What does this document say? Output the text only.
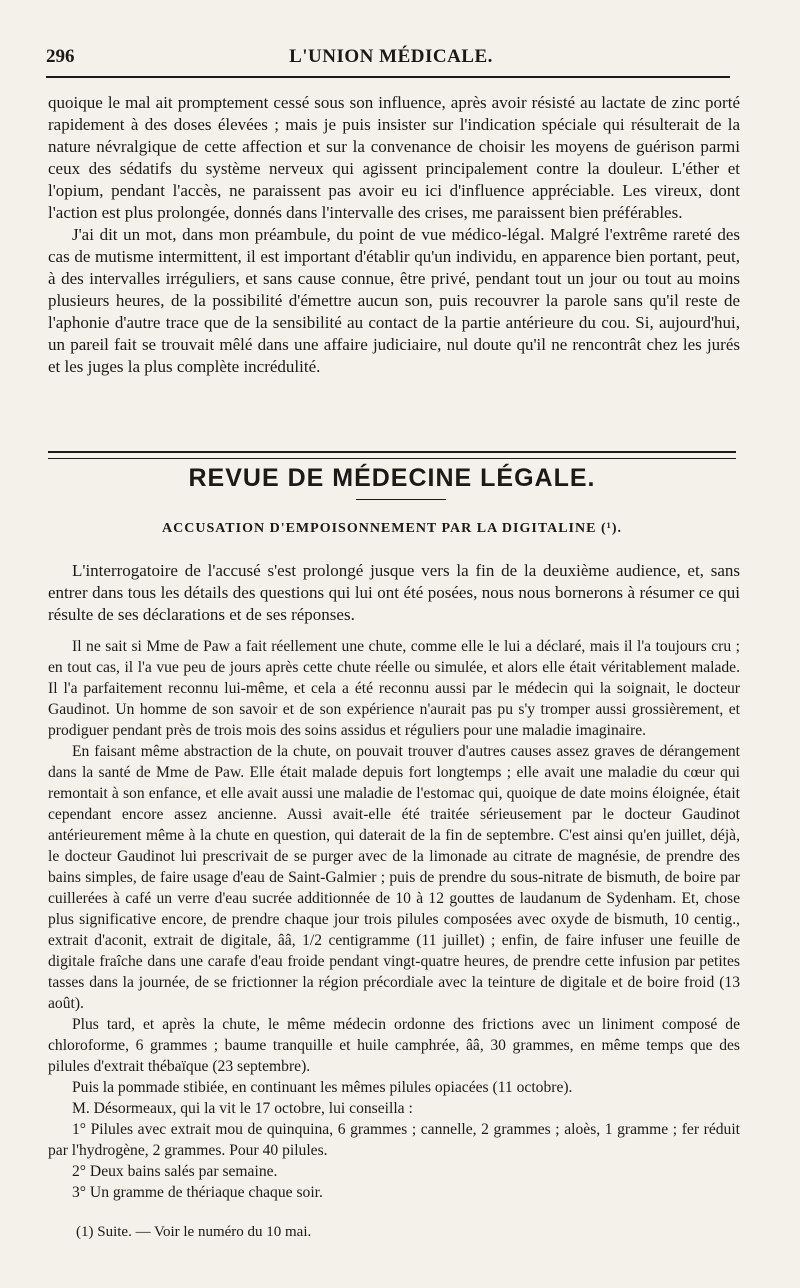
296	L'UNION MÉDICALE.

quoique le mal ait promptement cessé sous son influence, après avoir résisté au lactate de zinc porté rapidement à des doses élevées ; mais je puis insister sur l'indication spéciale qui résulterait de la nature névralgique de cette affection et sur la convenance de choisir les moyens de guérison parmi ceux des sédatifs du système nerveux qui agissent principalement contre la douleur. L'éther et l'opium, pendant l'accès, ne paraissent pas avoir eu ici d'influence appréciable. Les vireux, dont l'action est plus prolongée, donnés dans l'intervalle des crises, me paraissent bien préférables.

J'ai dit un mot, dans mon préambule, du point de vue médico-légal. Malgré l'extrême rareté des cas de mutisme intermittent, il est important d'établir qu'un individu, en apparence bien portant, peut, à des intervalles irréguliers, et sans cause connue, être privé, pendant tout un jour ou tout au moins plusieurs heures, de la possibilité d'émettre aucun son, puis recouvrer la parole sans qu'il reste de l'aphonie d'autre trace que de la sensibilité au contact de la partie antérieure du cou. Si, aujourd'hui, un pareil fait se trouvait mêlé dans une affaire judiciaire, nul doute qu'il ne rencontrât chez les jurés et les juges la plus complète incrédulité.

REVUE DE MÉDECINE LÉGALE.
ACCUSATION D'EMPOISONNEMENT PAR LA DIGITALINE (¹).

L'interrogatoire de l'accusé s'est prolongé jusque vers la fin de la deuxième audience, et, sans entrer dans tous les détails des questions qui lui ont été posées, nous nous bornerons à résumer ce qui résulte de ses déclarations et de ses réponses.

Il ne sait si Mme de Paw a fait réellement une chute, comme elle le lui a déclaré, mais il l'a toujours cru ; en tout cas, il l'a vue peu de jours après cette chute réelle ou simulée, et alors elle était véritablement malade. Il l'a parfaitement reconnu lui-même, et cela a été reconnu aussi par le médecin qui la soignait, le docteur Gaudinot. Un homme de son savoir et de son expérience n'aurait pas pu s'y tromper aussi grossièrement, et prodiguer pendant près de trois mois des soins assidus et réguliers pour une maladie imaginaire.

En faisant même abstraction de la chute, on pouvait trouver d'autres causes assez graves de dérangement dans la santé de Mme de Paw. Elle était malade depuis fort longtemps ; elle avait une maladie du cœur qui remontait à son enfance, et elle avait aussi une maladie de l'estomac qui, quoique de date moins éloignée, était cependant encore assez ancienne. Aussi avait-elle été traitée sérieusement par le docteur Gaudinot antérieurement même à la chute en question, qui daterait de la fin de septembre. C'est ainsi qu'en juillet, déjà, le docteur Gaudinot lui prescrivait de se purger avec de la limonade au citrate de magnésie, de prendre des bains simples, de faire usage d'eau de Saint-Galmier ; puis de prendre du sous-nitrate de bismuth, de boire par cuillerées à café un verre d'eau sucrée additionnée de 10 à 12 gouttes de laudanum de Sydenham. Et, chose plus significative encore, de prendre chaque jour trois pilules composées avec oxyde de bismuth, 10 centig., extrait d'aconit, extrait de digitale, ââ, 1/2 centigramme (11 juillet) ; enfin, de faire infuser une feuille de digitale fraîche dans une carafe d'eau froide pendant vingt-quatre heures, de prendre cette infusion par petites tasses dans la journée, de se frictionner la région précordiale avec la teinture de digitale et de boire froid (13 août).

Plus tard, et après la chute, le même médecin ordonne des frictions avec un liniment composé de chloroforme, 6 grammes ; baume tranquille et huile camphrée, ââ, 30 grammes, en même temps que des pilules d'extrait thébaïque (23 septembre).

Puis la pommade stibiée, en continuant les mêmes pilules opiacées (11 octobre).

M. Désormeaux, qui la vit le 17 octobre, lui conseilla :

1° Pilules avec extrait mou de quinquina, 6 grammes ; cannelle, 2 grammes ; aloès, 1 gramme ; fer réduit par l'hydrogène, 2 grammes. Pour 40 pilules.

2° Deux bains salés par semaine.

3° Un gramme de thériaque chaque soir.

(1) Suite. — Voir le numéro du 10 mai.
